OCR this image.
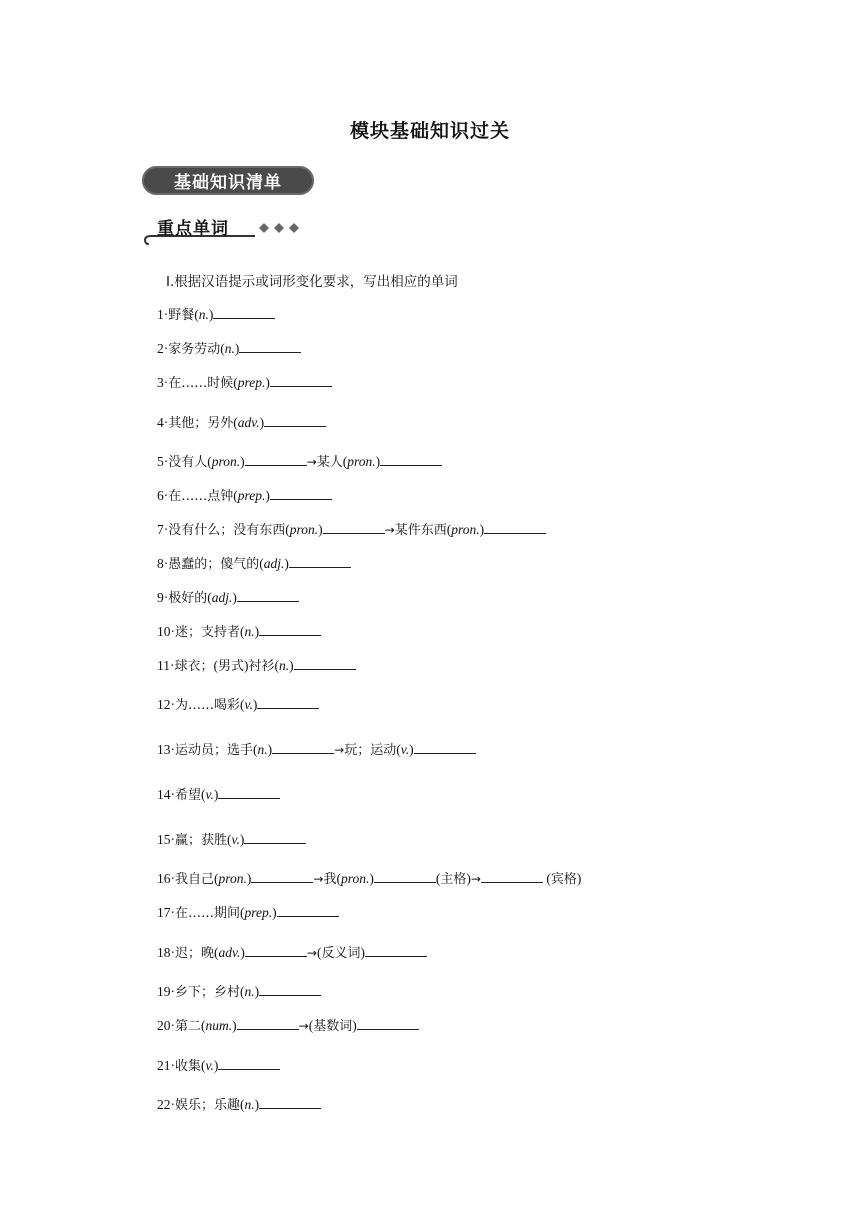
模块基础知识过关
基础知识清单
重点单词
Ⅰ.根据汉语提示或词形变化要求，写出相应的单词
1·野餐(n.)
2·家务劳动(n.)
3·在……时候(prep.)
4·其他；另外(adv.)
5·没有人(pron.)	→某人(pron.)
6·在……点钟(prep.)
7·没有什么；没有东西(pron.)	→某件东西(pron.)
8·愚蠢的；傻气的(adj.)
9·极好的(adj.)
10·迷；支持者(n.)
11·球衣；(男式)衬衫(n.)
12·为……喝彩(v.)
13·运动员；选手(n.)	→玩；运动(v.)
14·希望(v.)
15·赢；获胜(v.)
16·我自己(pron.)	→我(pron.)	(主格)→	(宾格)
17·在……期间(prep.)
18·迟；晚(adv.)	→(反义词)
19·乡下；乡村(n.)
20·第二(num.)	→(基数词)
21·收集(v.)
22·娱乐；乐趣(n.)
